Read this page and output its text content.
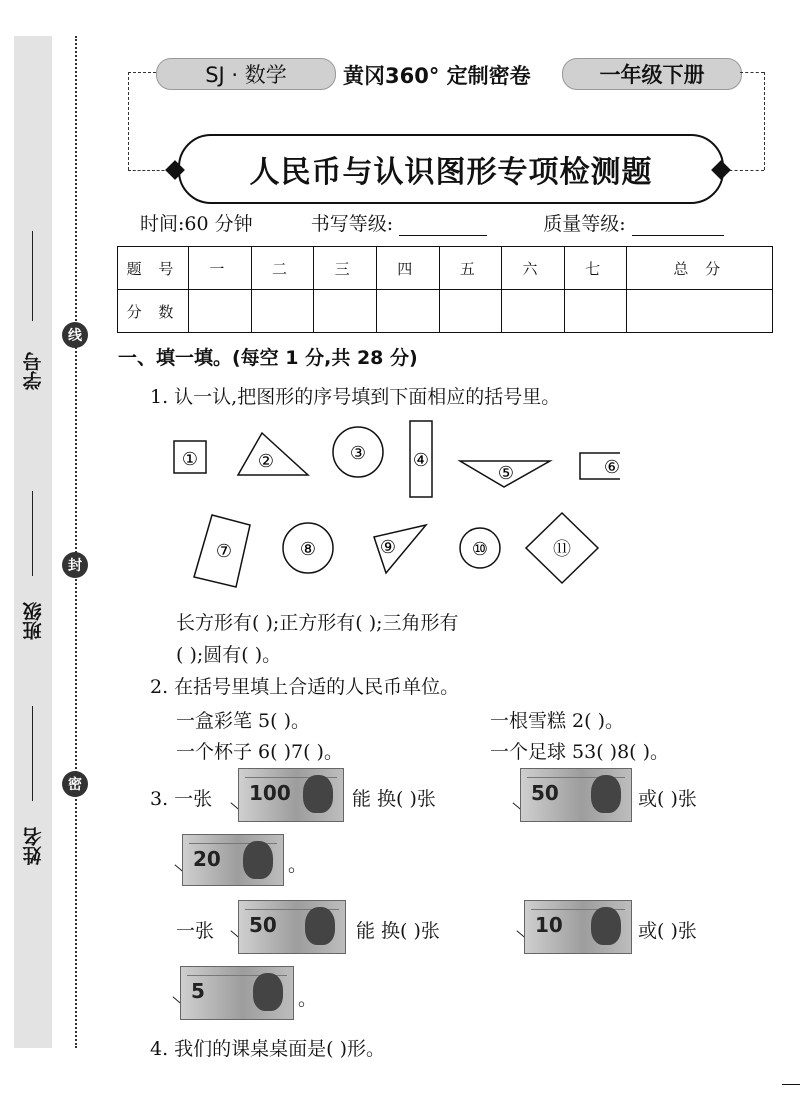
学号
班级
姓名
线
封
密
SJ · 数学	黄冈360° 定制密卷	一年级下册
人民币与认识图形专项检测题
时间:60 分钟	书写等级:	质量等级:
题 号	一	二	三	四	五	六	七	总 分
分 数								
一、填一填。(每空 1 分,共 28 分)
1. 认一认,把图形的序号填到下面相应的括号里。
①	②	③	④
⑤	⑥
⑦	⑧	⑨	⑩	⑪
长方形有( );正方形有( );三角形有
( );圆有( )。
2. 在括号里填上合适的人民币单位。
一盒彩笔 5( )。	一根雪糕 2( )。
一个杯子 6( )7( )。	一个足球 53( )8( )。
3. 一张 100	能 换( )张	50	或( )张
20	。
一张 50	能 换( )张	10	或( )张
5	。
4. 我们的课桌桌面是( )形。
